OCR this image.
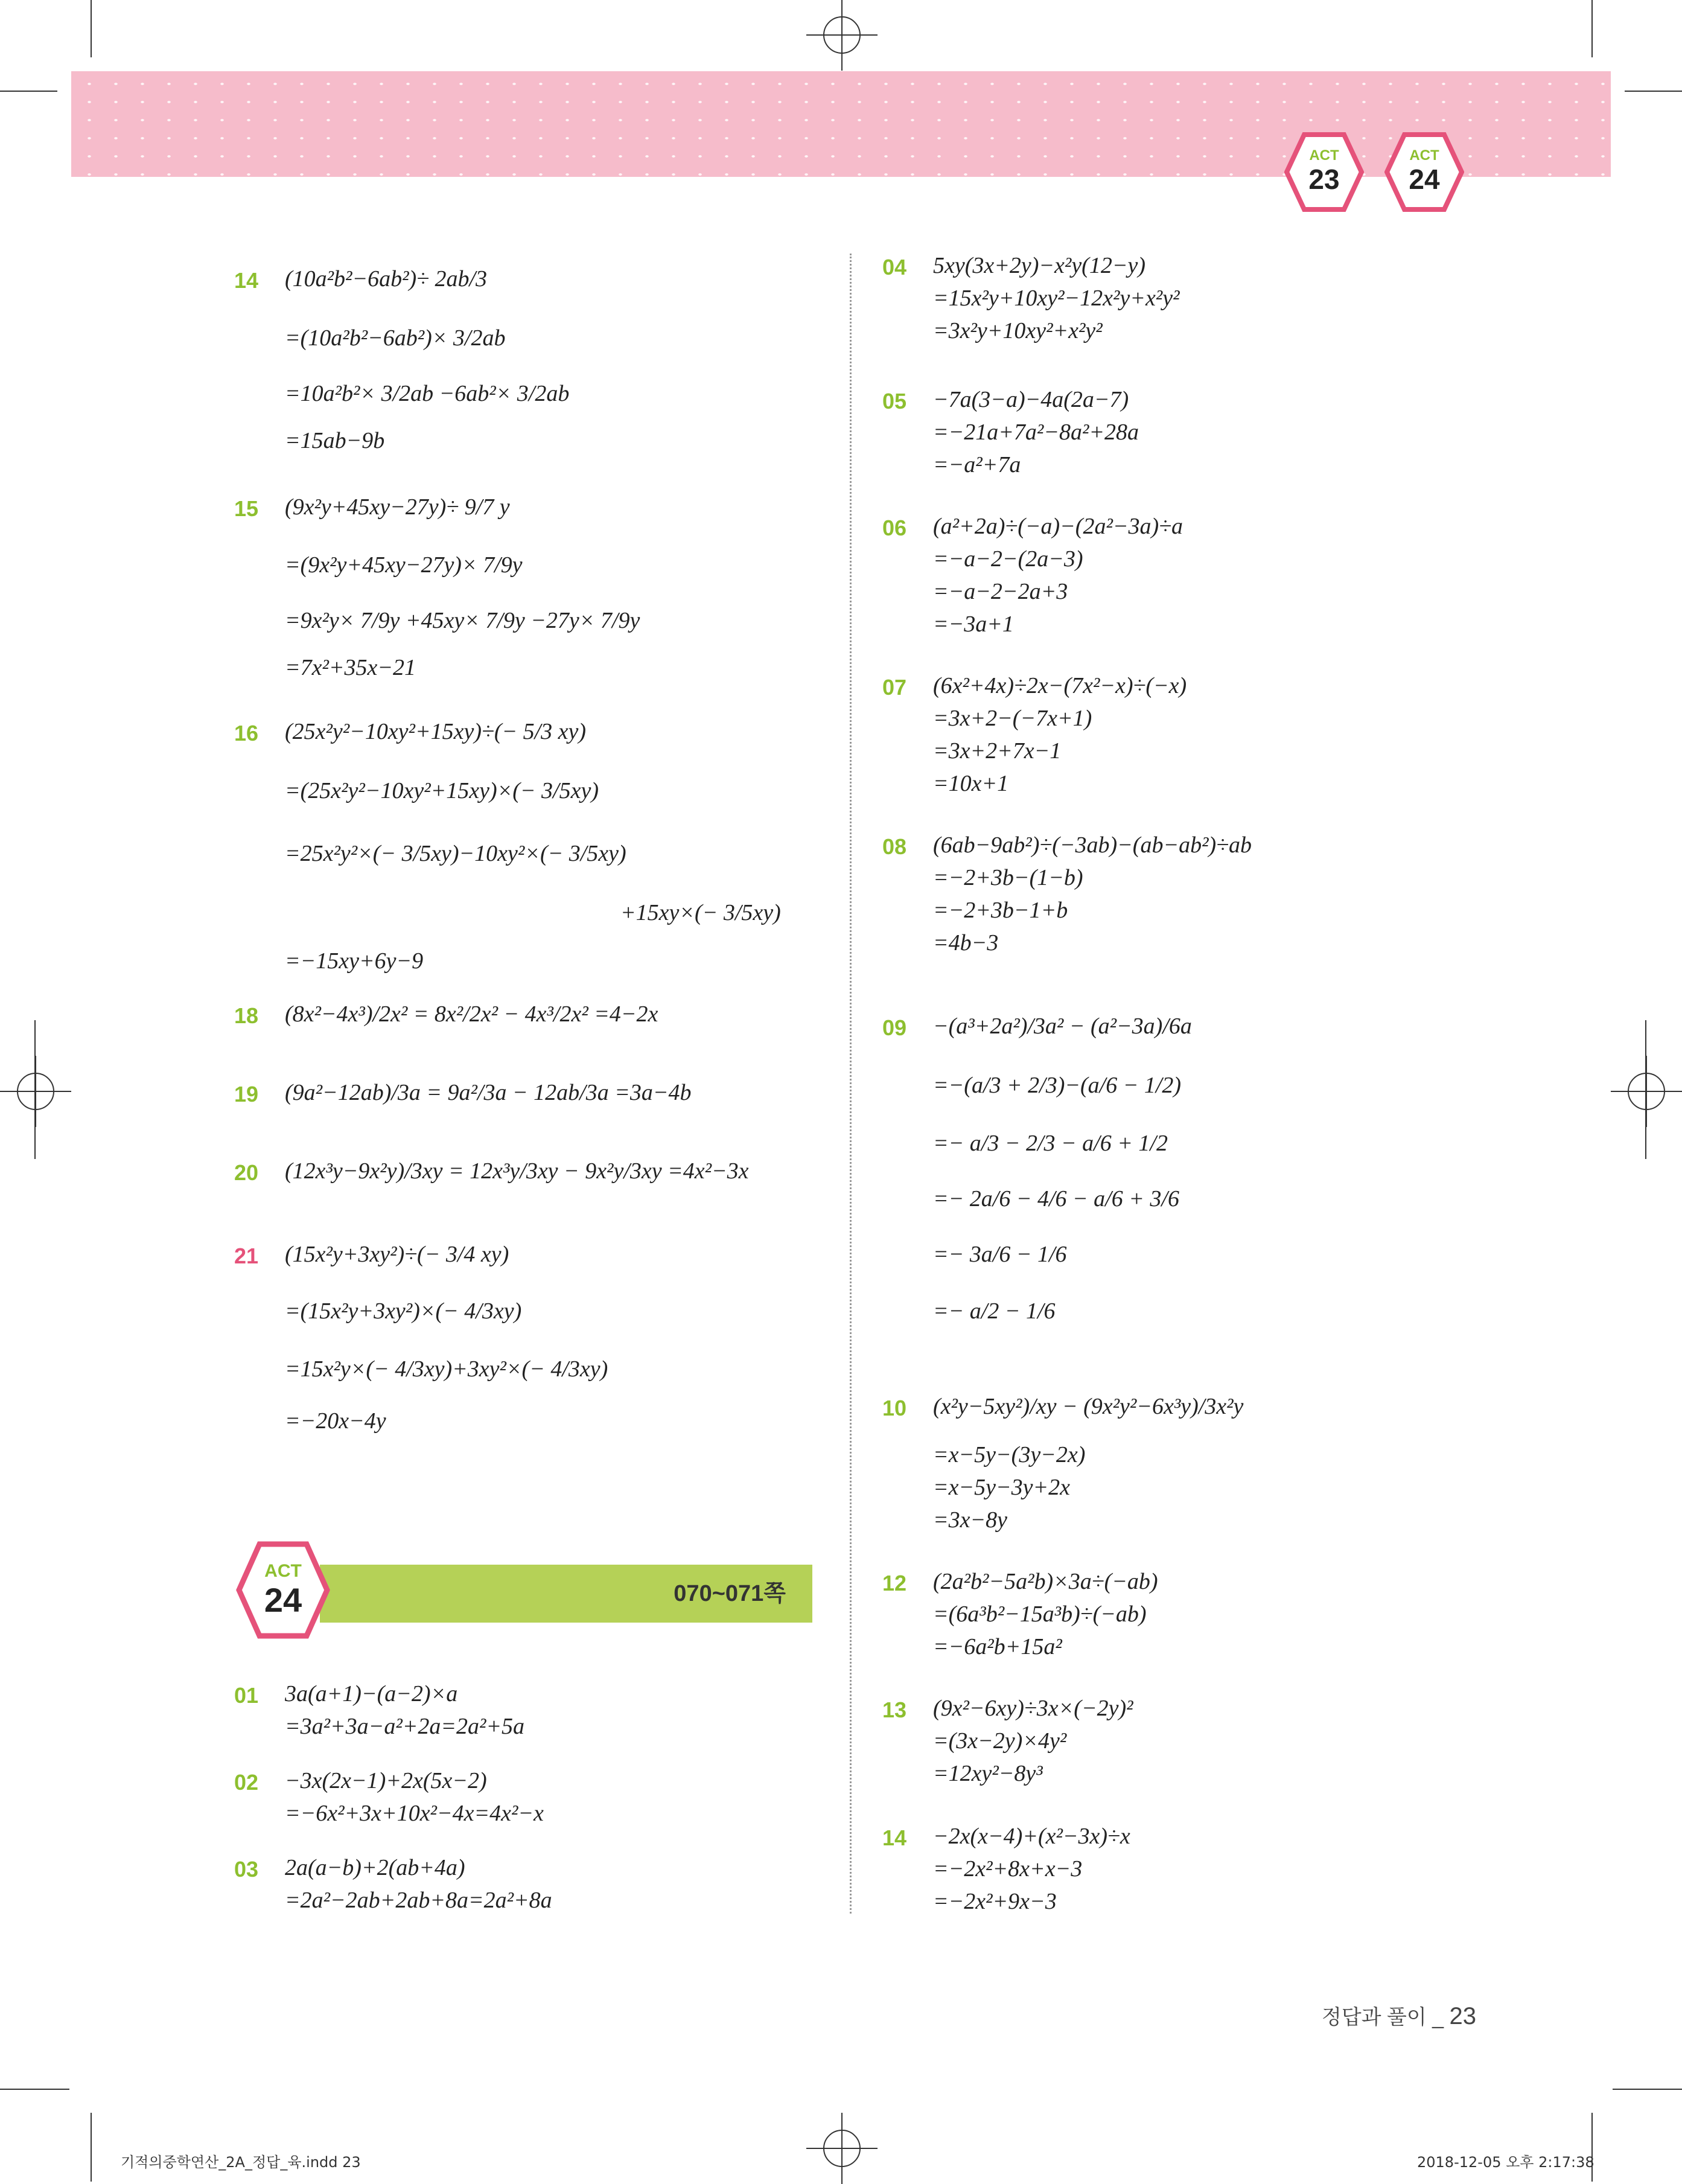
ACT
23
ACT
24
14 (10a²b²−6ab²)÷ 2ab/3
=(10a²b²−6ab²)× 3/2ab
=10a²b²× 3/2ab −6ab²× 3/2ab
=15ab−9b
15 (9x²y+45xy−27y)÷ 9/7 y
=(9x²y+45xy−27y)× 7/9y
=9x²y× 7/9y +45xy× 7/9y −27y× 7/9y
=7x²+35x−21
16 (25x²y²−10xy²+15xy)÷(− 5/3 xy)
=(25x²y²−10xy²+15xy)×(− 3/5xy)
=25x²y²×(− 3/5xy)−10xy²×(− 3/5xy)
+15xy×(− 3/5xy)
=−15xy+6y−9
18 (8x²−4x³)/2x² = 8x²/2x² − 4x³/2x² =4−2x
19 (9a²−12ab)/3a = 9a²/3a − 12ab/3a =3a−4b
20 (12x³y−9x²y)/3xy = 12x³y/3xy − 9x²y/3xy =4x²−3x
21 (15x²y+3xy²)÷(− 3/4 xy)
=(15x²y+3xy²)×(− 4/3xy)
=15x²y×(− 4/3xy)+3xy²×(− 4/3xy)
=−20x−4y
070~071쪽
ACT
24
01 3a(a+1)−(a−2)×a
=3a²+3a−a²+2a=2a²+5a
02 −3x(2x−1)+2x(5x−2)
=−6x²+3x+10x²−4x=4x²−x
03 2a(a−b)+2(ab+4a)
=2a²−2ab+2ab+8a=2a²+8a
04 5xy(3x+2y)−x²y(12−y)
=15x²y+10xy²−12x²y+x²y²
=3x²y+10xy²+x²y²
05 −7a(3−a)−4a(2a−7)
=−21a+7a²−8a²+28a
=−a²+7a
06 (a²+2a)÷(−a)−(2a²−3a)÷a
=−a−2−(2a−3)
=−a−2−2a+3
=−3a+1
07 (6x²+4x)÷2x−(7x²−x)÷(−x)
=3x+2−(−7x+1)
=3x+2+7x−1
=10x+1
08 (6ab−9ab²)÷(−3ab)−(ab−ab²)÷ab
=−2+3b−(1−b)
=−2+3b−1+b
=4b−3
09 −(a³+2a²)/3a² − (a²−3a)/6a
=−(a/3 + 2/3)−(a/6 − 1/2)
=− a/3 − 2/3 − a/6 + 1/2
=− 2a/6 − 4/6 − a/6 + 3/6
=− 3a/6 − 1/6
=− a/2 − 1/6
10 (x²y−5xy²)/xy − (9x²y²−6x³y)/3x²y
=x−5y−(3y−2x)
=x−5y−3y+2x
=3x−8y
12 (2a²b²−5a²b)×3a÷(−ab)
=(6a³b²−15a³b)÷(−ab)
=−6a²b+15a²
13 (9x²−6xy)÷3x×(−2y)²
=(3x−2y)×4y²
=12xy²−8y³
14 −2x(x−4)+(x²−3x)÷x
=−2x²+8x+x−3
=−2x²+9x−3
정답과 풀이 _ 23
기적의중학연산_2A_정답_육.indd 23	2018-12-05 오후 2:17:38
